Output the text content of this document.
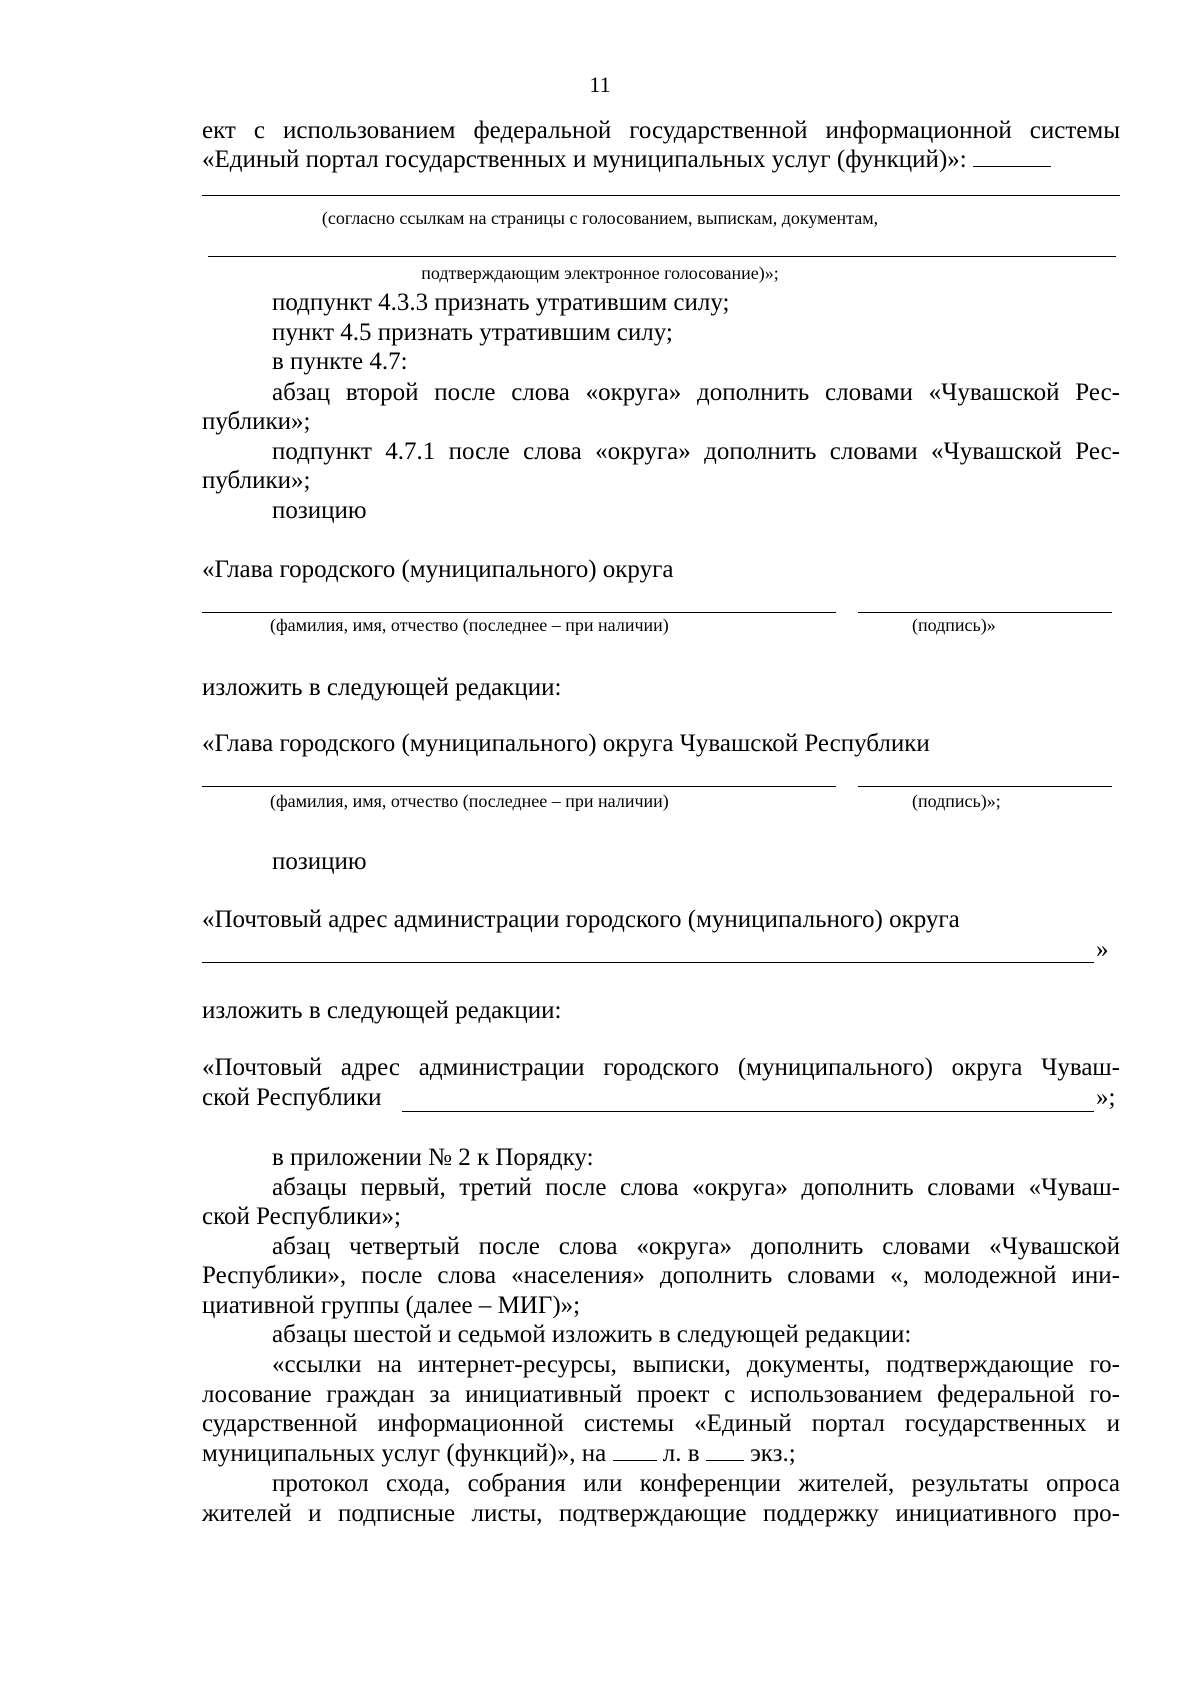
11
ект с использованием федеральной государственной информационной системы
«Единый портал государственных и муниципальных услуг (функций)»:
(согласно ссылкам на страницы с голосованием, выпискам, документам,
подтверждающим электронное голосование)»;
подпункт 4.3.3 признать утратившим силу;
пункт 4.5 признать утратившим силу;
в пункте 4.7:
абзац второй после слова «округа» дополнить словами «Чувашской Рес-
публики»;
подпункт 4.7.1 после слова «округа» дополнить словами «Чувашской Рес-
публики»;
позицию
«Глава городского (муниципального) округа
(фамилия, имя, отчество (последнее – при наличии)	(подпись)»
изложить в следующей редакции:
«Глава городского (муниципального) округа Чувашской Республики
(фамилия, имя, отчество (последнее – при наличии)	(подпись)»;
позицию
«Почтовый адрес администрации городского (муниципального) округа
»
изложить в следующей редакции:
«Почтовый адрес администрации городского (муниципального) округа Чуваш-
ской Республики	»;
в приложении № 2 к Порядку:
абзацы первый, третий после слова «округа» дополнить словами «Чуваш-
ской Республики»;
абзац четвертый после слова «округа» дополнить словами «Чувашской
Республики», после слова «населения» дополнить словами «, молодежной ини-
циативной группы (далее – МИГ)»;
абзацы шестой и седьмой изложить в следующей редакции:
«ссылки на интернет-ресурсы, выписки, документы, подтверждающие го-
лосование граждан за инициативный проект с использованием федеральной го-
сударственной информационной системы «Единый портал государственных и
муниципальных услуг (функций)», на л. в экз.;
протокол схода, собрания или конференции жителей, результаты опроса
жителей и подписные листы, подтверждающие поддержку инициативного про-
